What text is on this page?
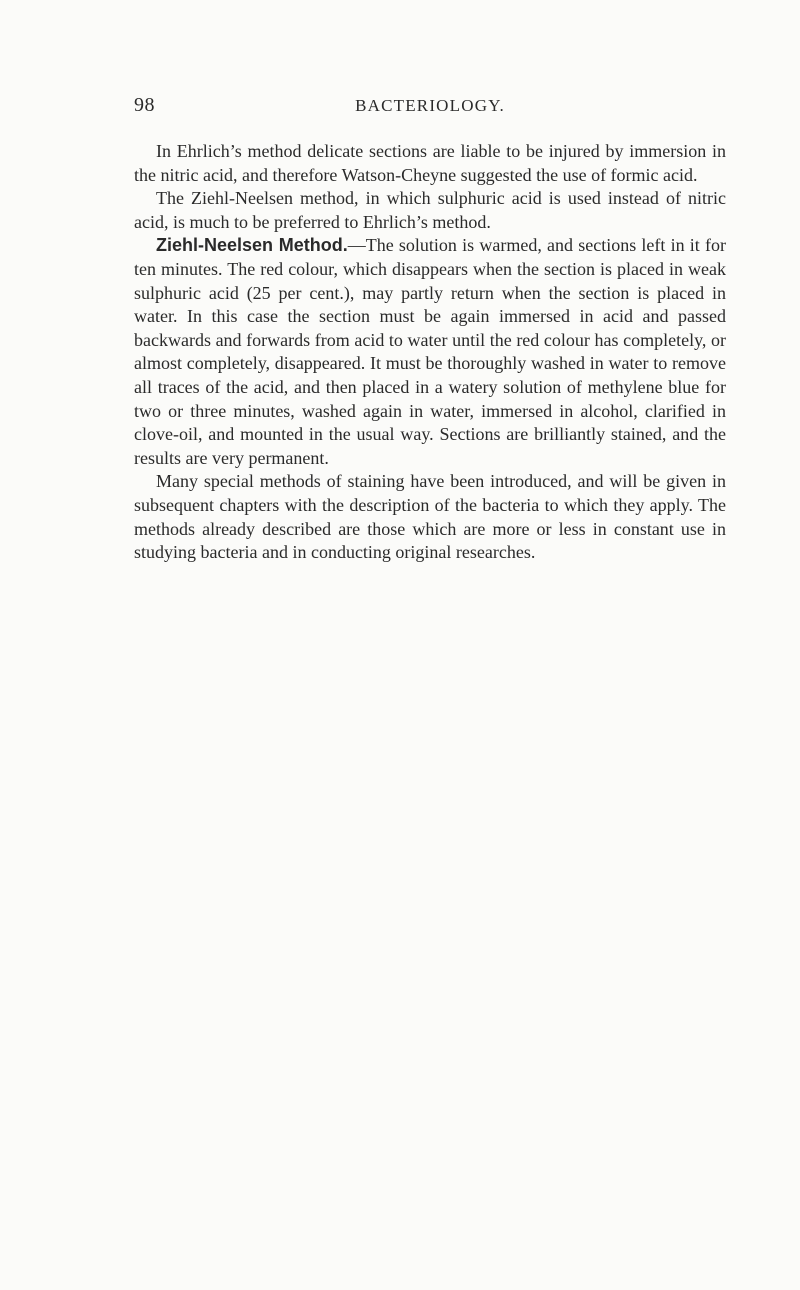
98	BACTERIOLOGY.

In Ehrlich’s method delicate sections are liable to be injured by immersion in the nitric acid, and therefore Watson-Cheyne suggested the use of formic acid.

The Ziehl-Neelsen method, in which sulphuric acid is used instead of nitric acid, is much to be preferred to Ehrlich’s method.

Ziehl-Neelsen Method.—The solution is warmed, and sections left in it for ten minutes. The red colour, which disappears when the section is placed in weak sulphuric acid (25 per cent.), may partly return when the section is placed in water. In this case the section must be again immersed in acid and passed backwards and forwards from acid to water until the red colour has completely, or almost completely, disappeared. It must be thoroughly washed in water to remove all traces of the acid, and then placed in a watery solution of methylene blue for two or three minutes, washed again in water, immersed in alcohol, clarified in clove-oil, and mounted in the usual way. Sections are brilliantly stained, and the results are very permanent.

Many special methods of staining have been introduced, and will be given in subsequent chapters with the description of the bacteria to which they apply. The methods already described are those which are more or less in constant use in studying bacteria and in conducting original researches.
